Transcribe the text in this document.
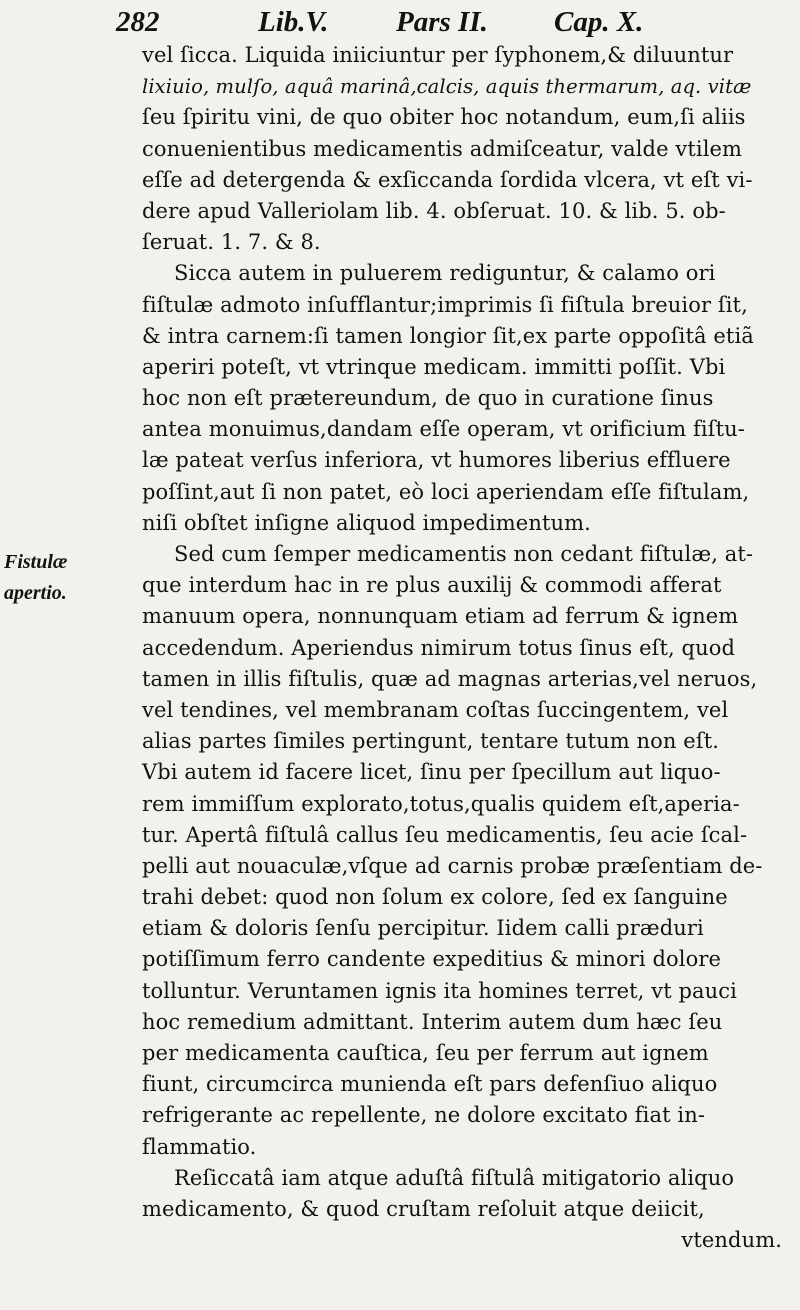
282	Lib.V. Pars II. Cap. X.
Fistulæ
apertio.
vel ſicca. Liquida iniiciuntur per ſyphonem,& diluuntur
lixiuio, mulſo, aquâ marinâ,calcis, aquis thermarum, aq. vitæ
ſeu ſpiritu vini, de quo obiter hoc notandum, eum,ſi aliis
conuenientibus medicamentis admiſceatur, valde vtilem
eſſe ad detergenda & exſiccanda ſordida vlcera, vt eſt vi-
dere apud Valleriolam lib. 4. obſeruat. 10. & lib. 5. ob-
ſeruat. 1. 7. & 8.
Sicca autem in puluerem rediguntur, & calamo ori
fiſtulæ admoto inſufflantur;imprimis ſi fiſtula breuior ſit,
& intra carnem:ſi tamen longior ſit,ex parte oppoſitâ etiã
aperiri poteſt, vt vtrinque medicam. immitti poſſit. Vbi
hoc non eſt prætereundum, de quo in curatione ſinus
antea monuimus,dandam eſſe operam, vt orificium fiſtu-
læ pateat verſus inferiora, vt humores liberius effluere
poſſint,aut ſi non patet, eò loci aperiendam eſſe fiſtulam,
niſi obſtet inſigne aliquod impedimentum.
Sed cum ſemper medicamentis non cedant fiſtulæ, at-
que interdum hac in re plus auxilij & commodi afferat
manuum opera, nonnunquam etiam ad ferrum & ignem
accedendum. Aperiendus nimirum totus ſinus eſt, quod
tamen in illis fiſtulis, quæ ad magnas arterias,vel neruos,
vel tendines, vel membranam coſtas ſuccingentem, vel
alias partes ſimiles pertingunt, tentare tutum non eſt.
Vbi autem id facere licet, ſinu per ſpecillum aut liquo-
rem immiſſum explorato,totus,qualis quidem eſt,aperia-
tur. Apertâ fiſtulâ callus ſeu medicamentis, ſeu acie ſcal-
pelli aut nouaculæ,vſque ad carnis probæ præſentiam de-
trahi debet: quod non ſolum ex colore, ſed ex ſanguine
etiam & doloris ſenſu percipitur. Iidem calli præduri
potiſſimum ferro candente expeditius & minori dolore
tolluntur. Veruntamen ignis ita homines terret, vt pauci
hoc remedium admittant. Interim autem dum hæc ſeu
per medicamenta cauſtica, ſeu per ferrum aut ignem
fiunt, circumcirca munienda eſt pars defenſiuo aliquo
refrigerante ac repellente, ne dolore excitato fiat in-
flammatio.
Reſiccatâ iam atque aduſtâ fiſtulâ mitigatorio aliquo
medicamento, & quod cruſtam reſoluit atque deiicit,
vtendum.
